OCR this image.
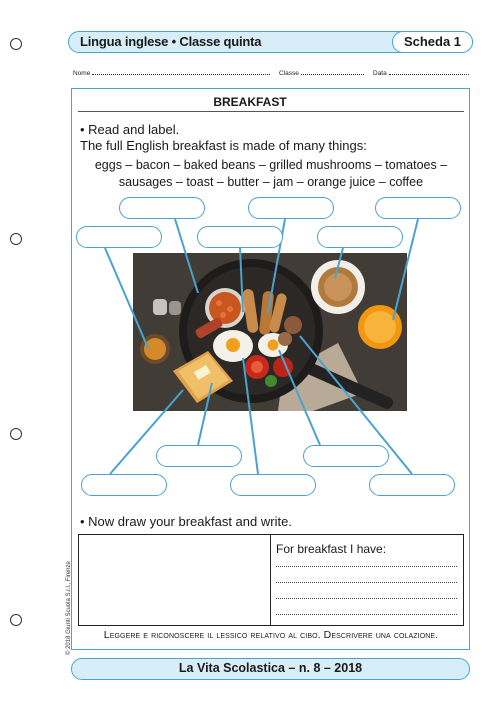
Lingua inglese • Classe quinta	Scheda 1
Nome	Classe	Data
BREAKFAST
• Read and label.
The full English breakfast is made of many things:
eggs – bacon – baked beans – grilled mushrooms – tomatoes –
sausages – toast – butter – jam – orange juice – coffee
• Now draw your breakfast and write.
For breakfast I have:
Leggere e riconoscere il lessico relativo al cibo. Descrivere una colazione.
© 2018 Giunti Scuola S.r.l., Firenze
La Vita Scolastica – n. 8 – 2018
